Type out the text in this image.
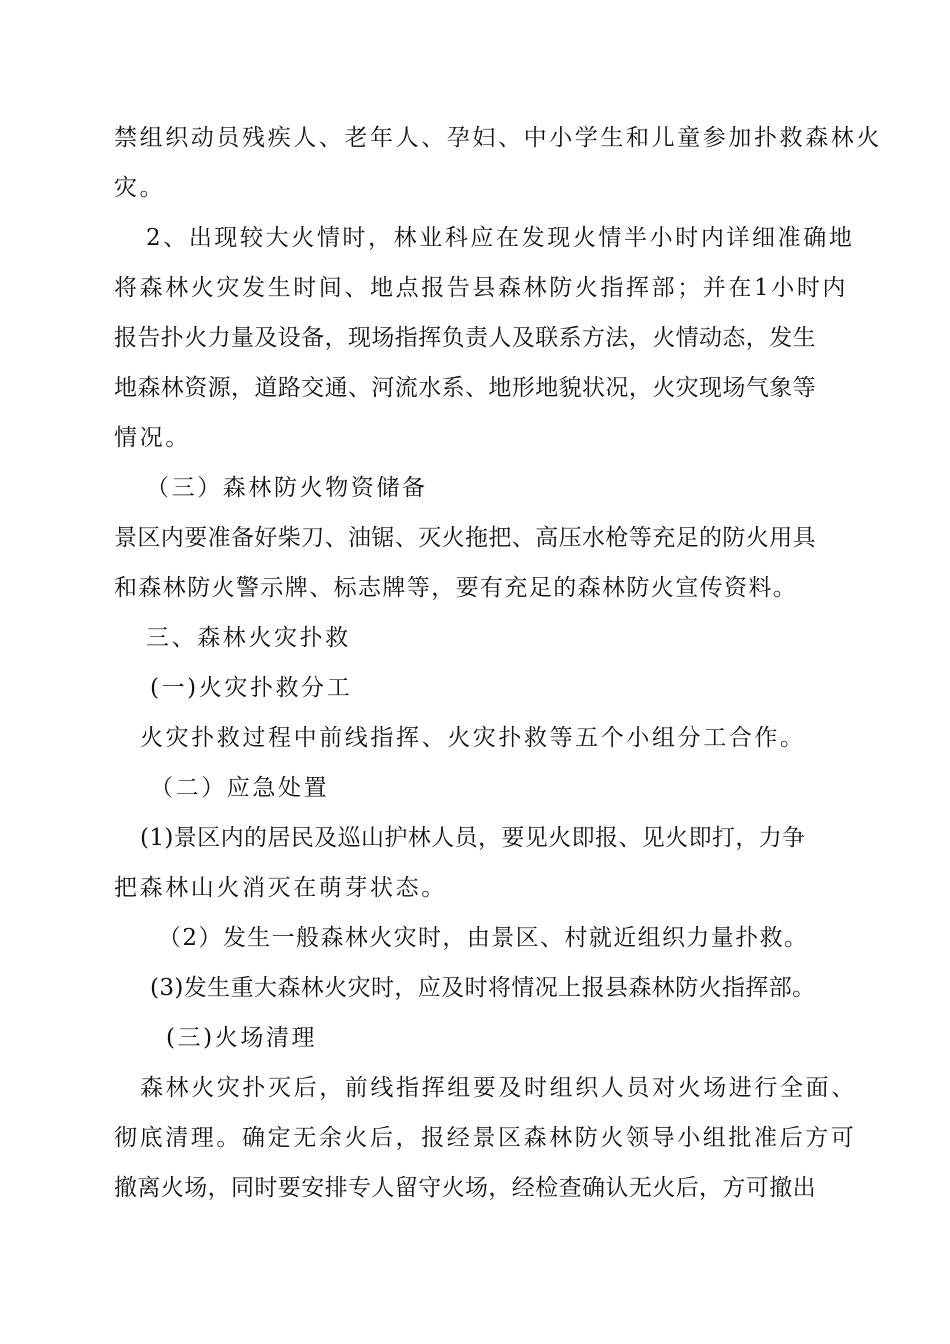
禁组织动员残疾人、老年人、孕妇、中小学生和儿童参加扑救森林火
灾。
2、出现较大火情时，林业科应在发现火情半小时内详细准确地
将森林火灾发生时间、地点报告县森林防火指挥部；并在1小时内
报告扑火力量及设备，现场指挥负责人及联系方法，火情动态，发生
地森林资源，道路交通、河流水系、地形地貌状况，火灾现场气象等
情况。
（三）森林防火物资储备
景区内要准备好柴刀、油锯、灭火拖把、高压水枪等充足的防火用具
和森林防火警示牌、标志牌等，要有充足的森林防火宣传资料。
三、森林火灾扑救
(一)火灾扑救分工
火灾扑救过程中前线指挥、火灾扑救等五个小组分工合作。
（二）应急处置
(1)景区内的居民及巡山护林人员，要见火即报、见火即打，力争
把森林山火消灭在萌芽状态。
（2）发生一般森林火灾时，由景区、村就近组织力量扑救。
(3)发生重大森林火灾时，应及时将情况上报县森林防火指挥部。
(三)火场清理
森林火灾扑灭后，前线指挥组要及时组织人员对火场进行全面、
彻底清理。确定无余火后，报经景区森林防火领导小组批准后方可
撤离火场，同时要安排专人留守火场，经检查确认无火后，方可撤出
